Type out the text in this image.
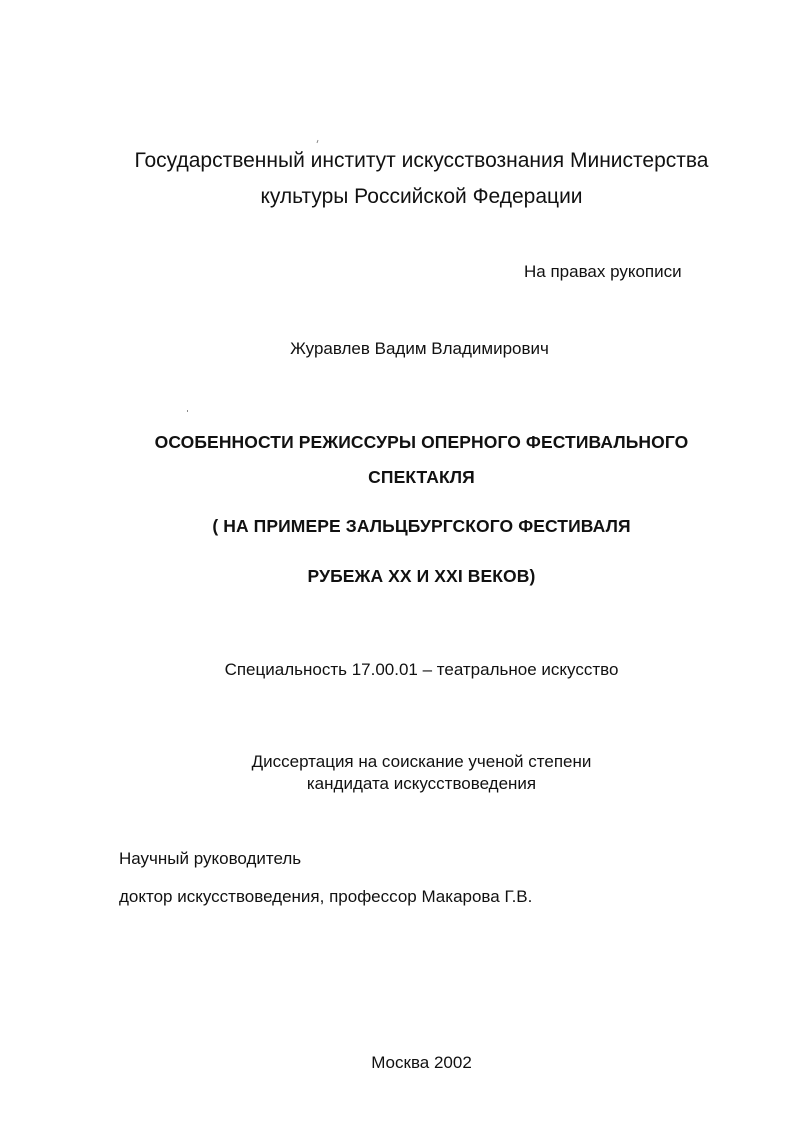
Государственный институт искусствознания Министерства
культуры Российской Федерации
На правах рукописи
Журавлев Вадим Владимирович
ОСОБЕННОСТИ РЕЖИССУРЫ ОПЕРНОГО ФЕСТИВАЛЬНОГО
СПЕКТАКЛЯ
( НА ПРИМЕРЕ ЗАЛЬЦБУРГСКОГО ФЕСТИВАЛЯ
РУБЕЖА XX И XXI ВЕКОВ)
Специальность 17.00.01 – театральное искусство
Диссертация на соискание ученой степени
кандидата искусствоведения
Научный руководитель
доктор искусствоведения, профессор Макарова Г.В.
Москва 2002
